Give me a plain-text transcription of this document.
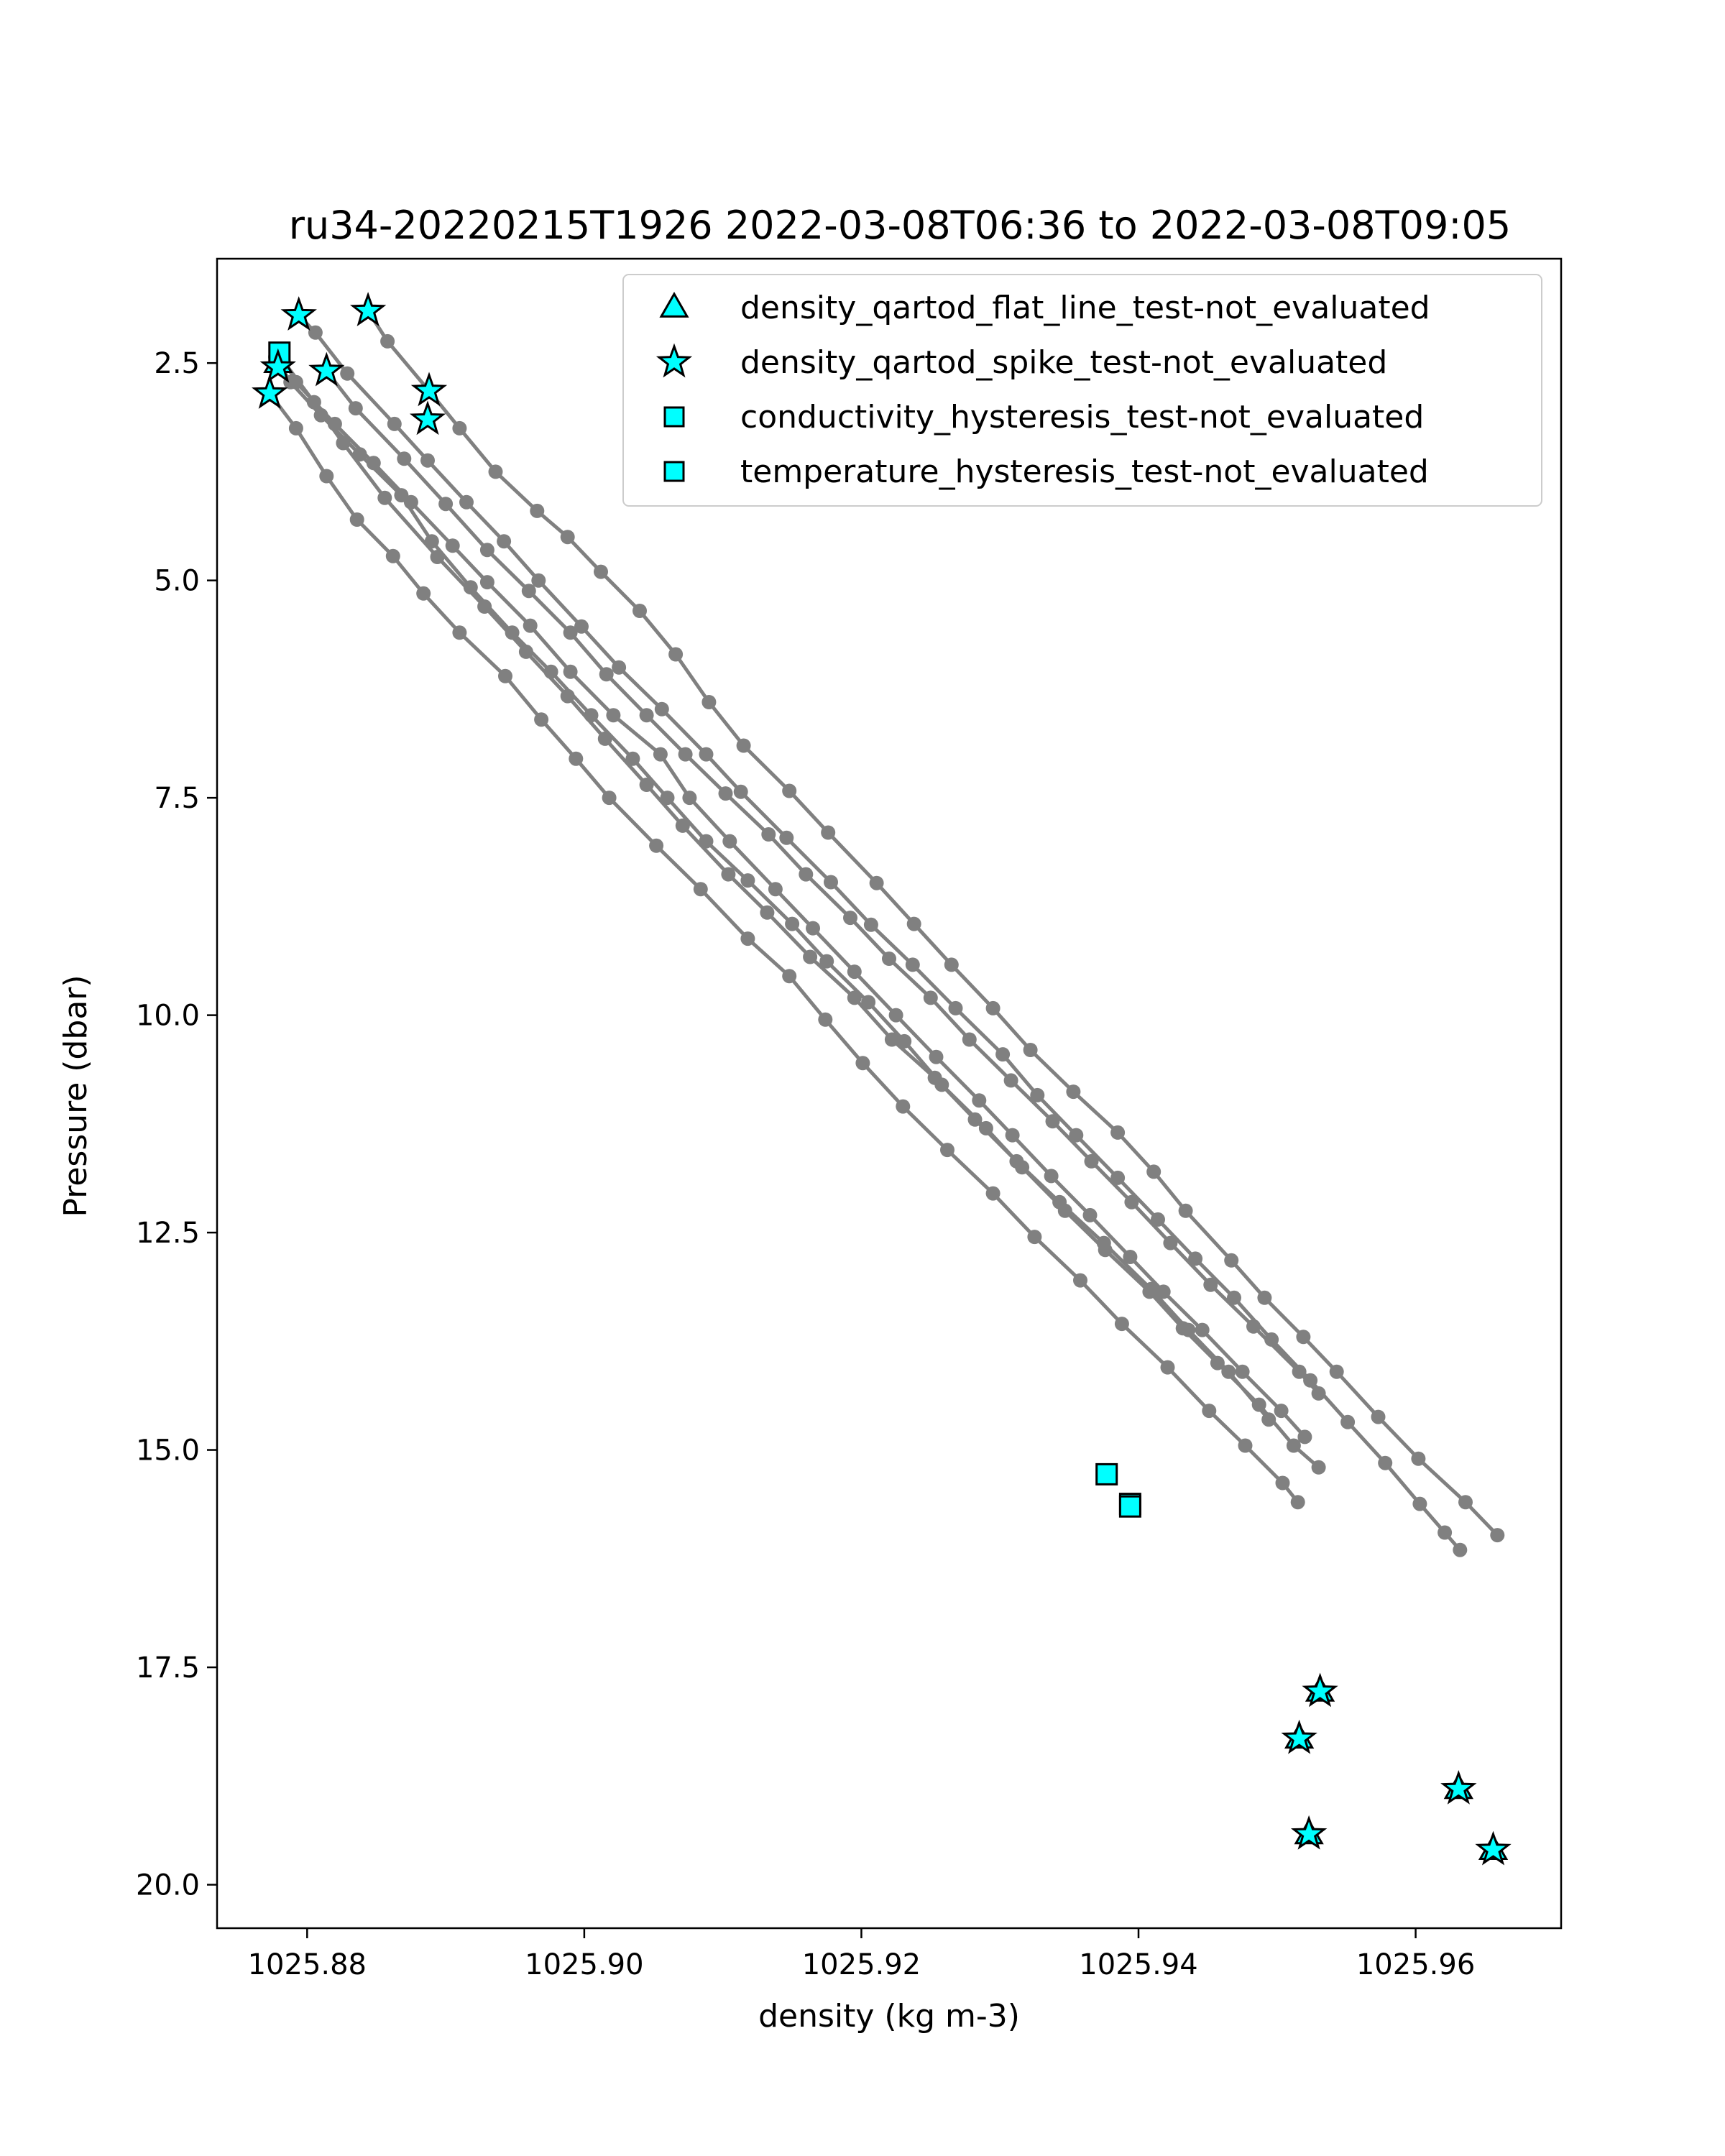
ru34-20220215T1926 2022-03-08T06:36 to 2022-03-08T09:05
1025.88	1025.90	1025.92	1025.94	1025.96
2.5
5.0
7.5
10.0
12.5
15.0
17.5
20.0
density (kg m-3)
Pressure (dbar)
density_qartod_flat_line_test-not_evaluated
density_qartod_spike_test-not_evaluated
conductivity_hysteresis_test-not_evaluated
temperature_hysteresis_test-not_evaluated
